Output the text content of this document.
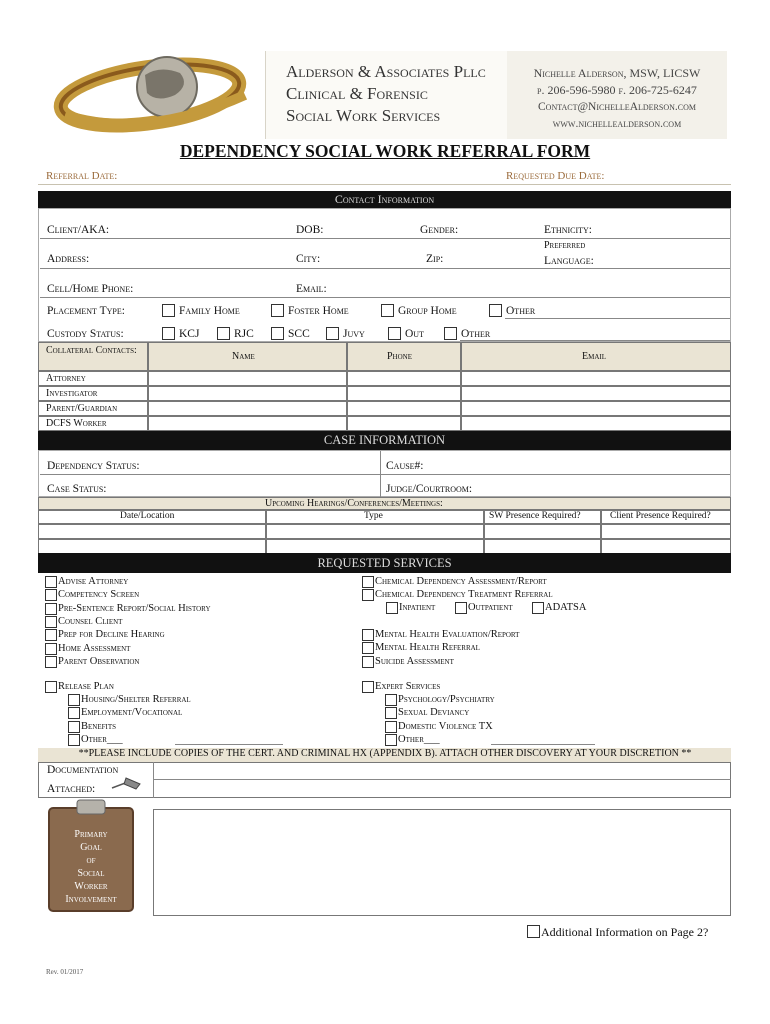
Alderson & Associates Pllc
Clinical & Forensic
Social Work Services
Nichelle Alderson, MSW, LICSW
p. 206-596-5980 f. 206-725-6247
Contact@NichelleAlderson.com
www.nichellealderson.com
DEPENDENCY SOCIAL WORK REFERRAL FORM
Referral Date:	Requested Due Date:
Contact Information
Client/AKA:	DOB:	Gender:	Ethnicity:
Preferred
Address:	City:	Zip:	Language:
Cell/Home Phone:	Email:
Placement Type:	Family Home	Foster Home	Group Home	Other
Custody Status:	KCJ	RJC	SCC	Juvy	Out	Other
Collateral Contacts:
Name	Phone	Email
Attorney
Investigator
Parent/Guardian
DCFS Worker
CASE INFORMATION
Dependency Status:	Cause#:
Case Status:	Judge/Courtroom:
Upcoming Hearings/Conferences/Meetings:
Date/Location	Type	SW Presence Required?	Client Presence Required?
REQUESTED SERVICES
Advise Attorney
Competency Screen
Pre-Sentence Report/Social History
Counsel Client
Prep for Decline Hearing
Home Assessment
Parent Observation
Chemical Dependency Assessment/Report
Chemical Dependency Treatment Referral
Inpatient	Outpatient	ADATSA
Mental Health Evaluation/Report
Mental Health Referral
Suicide Assessment
Release Plan
Housing/Shelter Referral
Employment/Vocational
Benefits
Other___
Expert Services
Psychology/Psychiatry
Sexual Deviancy
Domestic Violence TX
Other___
**PLEASE INCLUDE COPIES OF THE CERT. AND CRIMINAL HX (APPENDIX B). ATTACH OTHER DISCOVERY AT YOUR DISCRETION **
Documentation
Attached:
Primary
Goal
of
Social
Worker
Involvement
Additional Information on Page 2?
Rev. 01/2017
